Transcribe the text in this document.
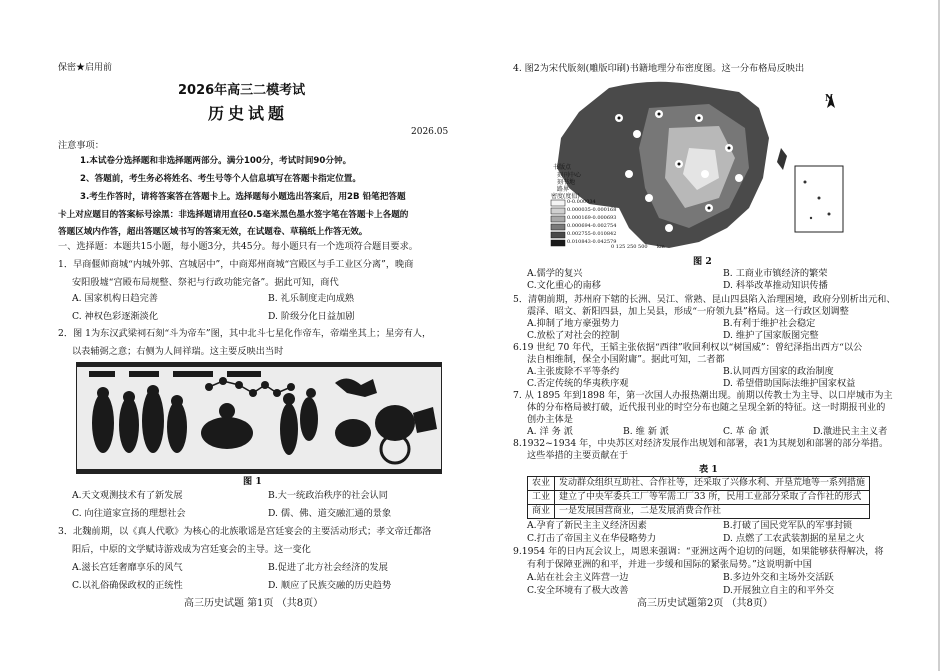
保密★启用前
2026年高三二模考试
历史试题
2026.05
注意事项：
1.本试卷分选择题和非选择题两部分。满分100分，考试时间90分钟。
2、答题前，考生务必将姓名、考生号等个人信息填写在答题卡指定位置。
3.考生作答时，请将答案答在答题卡上。选择题每小题选出答案后，用2B 铅笔把答题
卡上对应题目的答案标号涂黑：非选择题请用直径0.5毫米黑色墨水签字笔在答题卡上各题的
答题区域内作答，超出答题区域书写的答案无效，在试题卷、草稿纸上作答无效。
一、选择题：本题共15小题，每小题3分，共45分。每小题只有一个选项符合题目要求。
1．早商偃师商城“内城外郭、宫城居中”，中商郑州商城“宫殿区与手工业区分离”，晚商
安阳殷墟“宫殿布局规整、祭祀与行政功能完备”。据此可知，商代
A. 国家机构日趋完善	B. 礼乐制度走向成熟
C. 神权色彩逐渐淡化	D. 阶级分化日益加剧
2．图 1为东汉武梁祠石刻“斗为帝车”图，其中北斗七星化作帝车，帝端坐其上；星旁有人，
以表辅弼之意；右侧为人间祥瑞。这主要反映出当时
图 1
A.天文观测技术有了新发展	B.大一统政治秩序的社会认同
C. 向往道家宣扬的理想社会	D. 儒、佛、道交融汇通的景象
3．北魏前期，以《真人代歌》为核心的北族歌谣是宫廷宴会的主要活动形式；孝文帝迁都洛
阳后，中原的文学赋诗游戏成为宫廷宴会的主导。这一变化
A.滋长宫廷奢靡享乐的风气	B.促进了北方社会经济的发展
C.以礼俗确保政权的正统性	D. 顺应了民族交融的历史趋势
高三历史试题 第1页 （共8页）
4. 图2为宋代版刻(雕版印刷)书籍地理分布密度图。这一分布格局反映出
N
书版点
刻刊中心
刻书地
路界
密度(度值)
0-0.000034
0.000035-0.000168
0.000169-0.000693
0.000694-0.002754
0.002755-0.010842
0.010843-0.042579
0 125 250 500 km
图 2
A.儒学的复兴	B. 工商业市镇经济的繁荣
C.文化重心的南移	D. 科举改革推动知识传播
5．清朝前期，苏州府下辖的长洲、吴江、常熟、昆山四县陷入治理困境，政府分别析出元和、
震泽、昭文、新阳四县，加上吴县，形成“一府领九县”格局。这一行政区划调整
A.抑制了地方豪强势力	B.有利于维护社会稳定
C.放松了对社会的控制	D. 维护了国家版图完整
6.19 世纪 70 年代，王韬主张依据“西律”收回利权以“树国威”：曾纪泽指出西方“以公
法自相维制，保全小国附庸”。据此可知，二者都
A.主张废除不平等条约	B.认同西方国家的政治制度
C.否定传统的华夷秩序观	D. 希望借助国际法维护国家权益
7. 从 1895 年到1898 年，第一次国人办报热潮出现。前期以传教士为主导、以口岸城市为主
体的分布格局被打破，近代报刊业的时空分布也随之呈现全新的特征。这一时期报刊业的
创办主体是
A. 洋 务 派	B. 维 新 派	C. 革 命 派	D.激进民主主义者
8.1932~1934 年，中央苏区对经济发展作出规划和部署，表1为其规划和部署的部分举措。
这些举措的主要贡献在于
表 1
农业	发动群众组织互助社、合作社等，还采取了兴修水利、开垦荒地等一系列措施
工业	建立了中央军委兵工厂等军需工厂33 所，民用工业部分采取了合作社的形式
商业	一是发展国营商业，二是发展消费合作社
A.孕育了新民主主义经济因素	B.打破了国民党军队的军事封锁
C.打击了帝国主义在华侵略势力	D. 点燃了工农武装割据的星星之火
9.1954 年的日内瓦会议上，周恩来强调：“亚洲这两个迫切的问题，如果能够获得解决，将
有利于保障亚洲的和平，并进一步缓和国际的紧张局势。”这说明新中国
A.站在社会主义阵营一边	B.多边外交和主场外交活跃
C.安全环境有了极大改善	D.开展独立自主的和平外交
高三历史试题第2页 （共8页）
